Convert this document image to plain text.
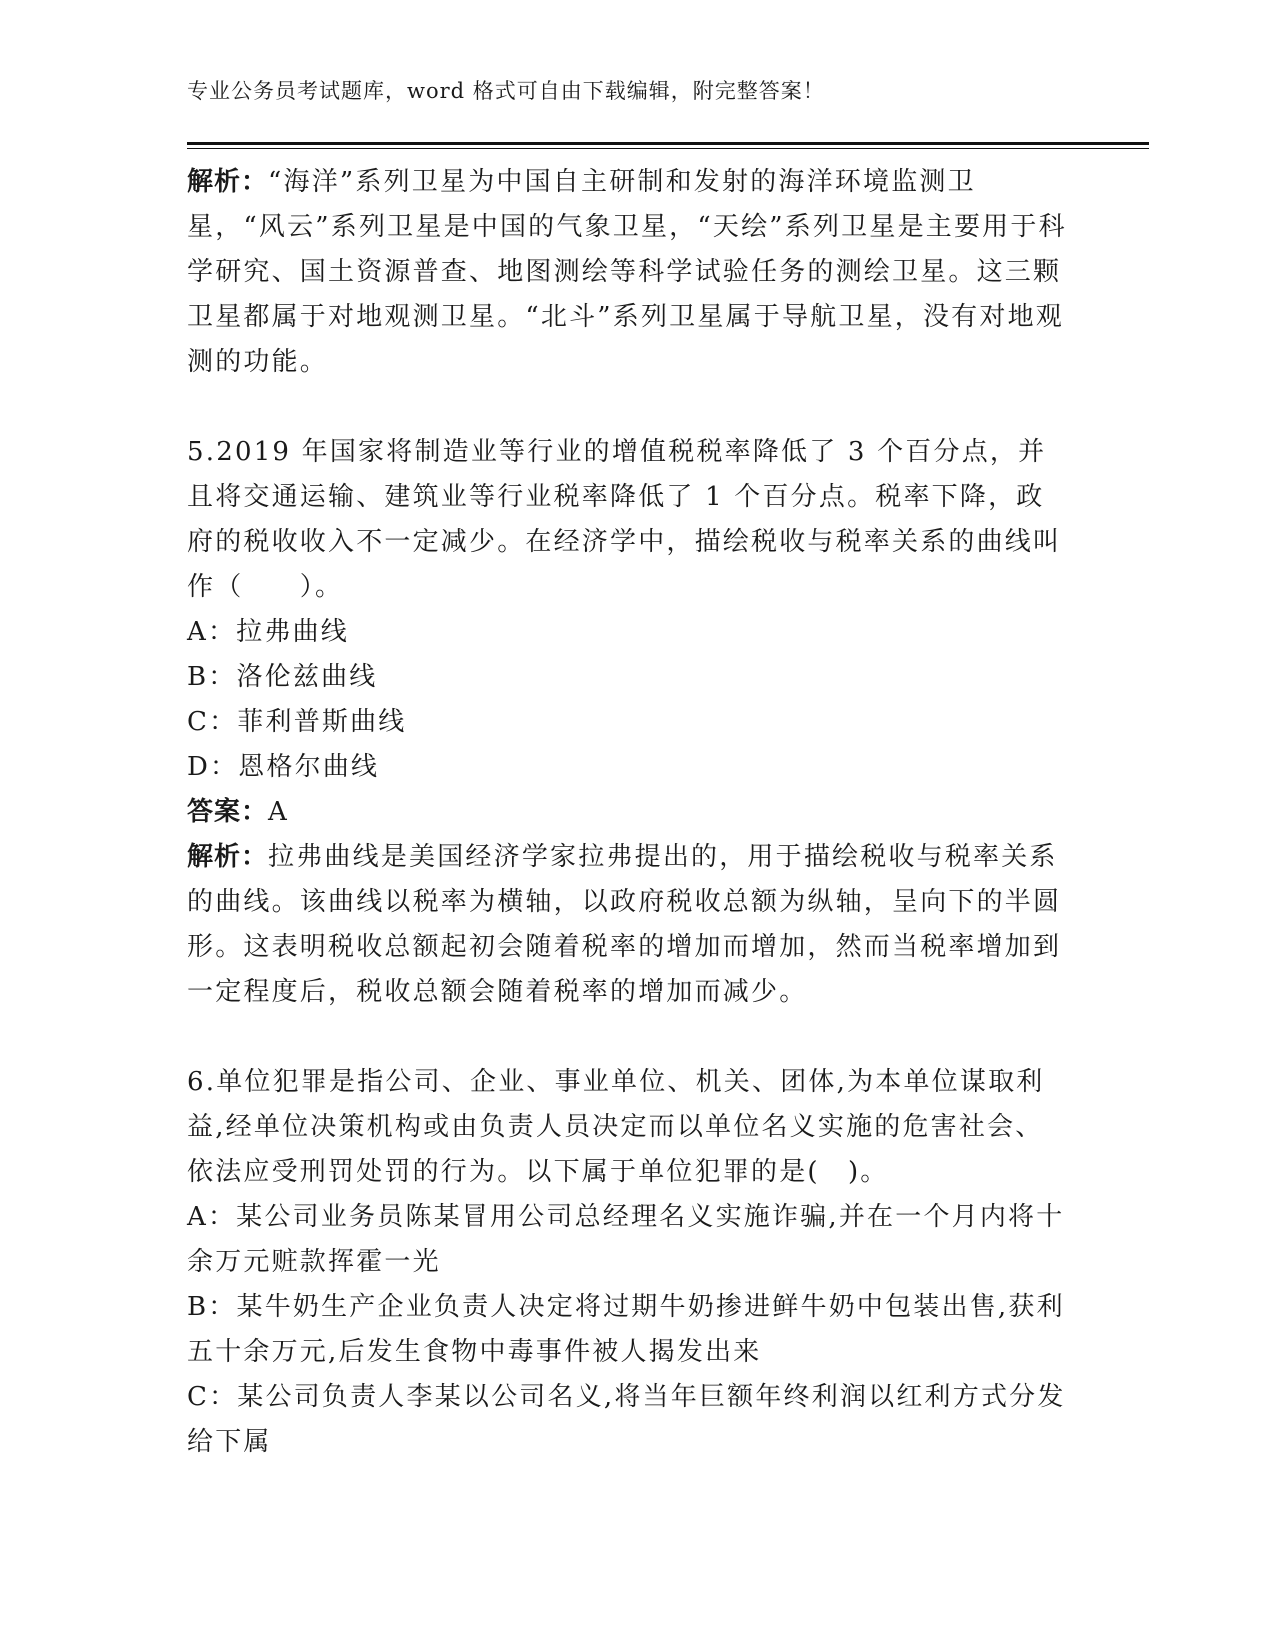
专业公务员考试题库，word 格式可自由下载编辑，附完整答案！

解析：“海洋”系列卫星为中国自主研制和发射的海洋环境监测卫星，“风云”系列卫星是中国的气象卫星，“天绘”系列卫星是主要用于科学研究、国土资源普查、地图测绘等科学试验任务的测绘卫星。这三颗卫星都属于对地观测卫星。“北斗”系列卫星属于导航卫星，没有对地观测的功能。

5.2019 年国家将制造业等行业的增值税税率降低了 3 个百分点，并且将交通运输、建筑业等行业税率降低了 1 个百分点。税率下降，政府的税收收入不一定减少。在经济学中，描绘税收与税率关系的曲线叫作（　　）。

A：拉弗曲线

B：洛伦兹曲线

C：菲利普斯曲线

D：恩格尔曲线

答案：A

解析：拉弗曲线是美国经济学家拉弗提出的，用于描绘税收与税率关系的曲线。该曲线以税率为横轴，以政府税收总额为纵轴，呈向下的半圆形。这表明税收总额起初会随着税率的增加而增加，然而当税率增加到一定程度后，税收总额会随着税率的增加而减少。

6.单位犯罪是指公司、企业、事业单位、机关、团体,为本单位谋取利益,经单位决策机构或由负责人员决定而以单位名义实施的危害社会、依法应受刑罚处罚的行为。以下属于单位犯罪的是(　)。

A：某公司业务员陈某冒用公司总经理名义实施诈骗,并在一个月内将十余万元赃款挥霍一光

B：某牛奶生产企业负责人决定将过期牛奶掺进鲜牛奶中包装出售,获利五十余万元,后发生食物中毒事件被人揭发出来

C：某公司负责人李某以公司名义,将当年巨额年终利润以红利方式分发给下属
